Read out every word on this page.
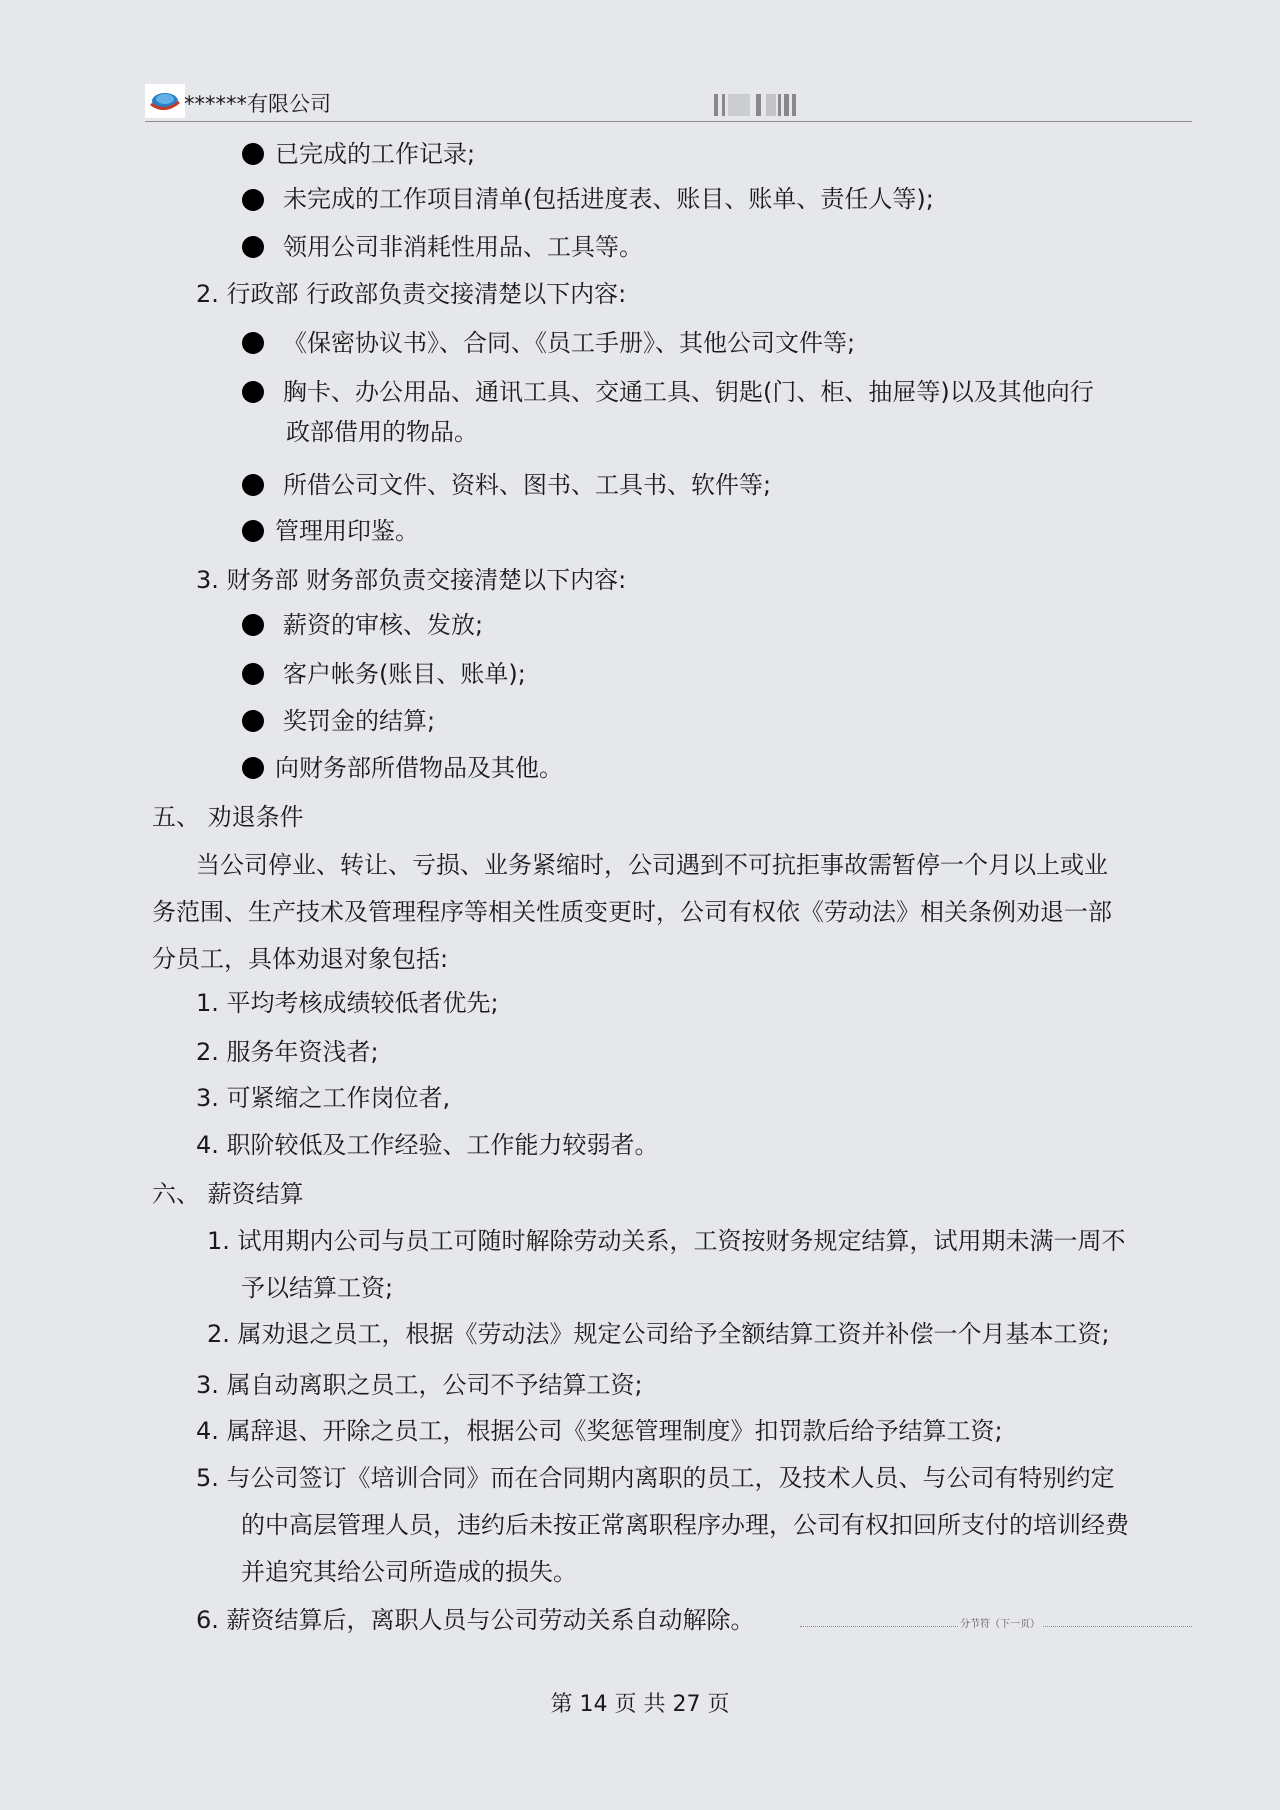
******有限公司
已完成的工作记录;
未完成的工作项目清单(包括进度表、账目、账单、责任人等);
领用公司非消耗性用品、工具等。
2. 行政部 行政部负责交接清楚以下内容:
《保密协议书》、合同、《员工手册》、其他公司文件等;
胸卡、办公用品、通讯工具、交通工具、钥匙(门、柜、抽屉等)以及其他向行
政部借用的物品。
所借公司文件、资料、图书、工具书、软件等;
管理用印鉴。
3. 财务部 财务部负责交接清楚以下内容:
薪资的审核、发放;
客户帐务(账目、账单);
奖罚金的结算;
向财务部所借物品及其他。
五、 劝退条件
当公司停业、转让、亏损、业务紧缩时，公司遇到不可抗拒事故需暂停一个月以上或业
务范围、生产技术及管理程序等相关性质变更时，公司有权依《劳动法》相关条例劝退一部
分员工，具体劝退对象包括:
1. 平均考核成绩较低者优先;
2. 服务年资浅者;
3. 可紧缩之工作岗位者,
4. 职阶较低及工作经验、工作能力较弱者。
六、 薪资结算
1. 试用期内公司与员工可随时解除劳动关系，工资按财务规定结算，试用期未满一周不
予以结算工资;
2. 属劝退之员工，根据《劳动法》规定公司给予全额结算工资并补偿一个月基本工资;
3. 属自动离职之员工，公司不予结算工资;
4. 属辞退、开除之员工，根据公司《奖惩管理制度》扣罚款后给予结算工资;
5. 与公司签订《培训合同》而在合同期内离职的员工，及技术人员、与公司有特别约定
的中高层管理人员，违约后未按正常离职程序办理，公司有权扣回所支付的培训经费
并追究其给公司所造成的损失。
6. 薪资结算后，离职人员与公司劳动关系自动解除。	分节符（下一页）
第 14 页 共 27 页
